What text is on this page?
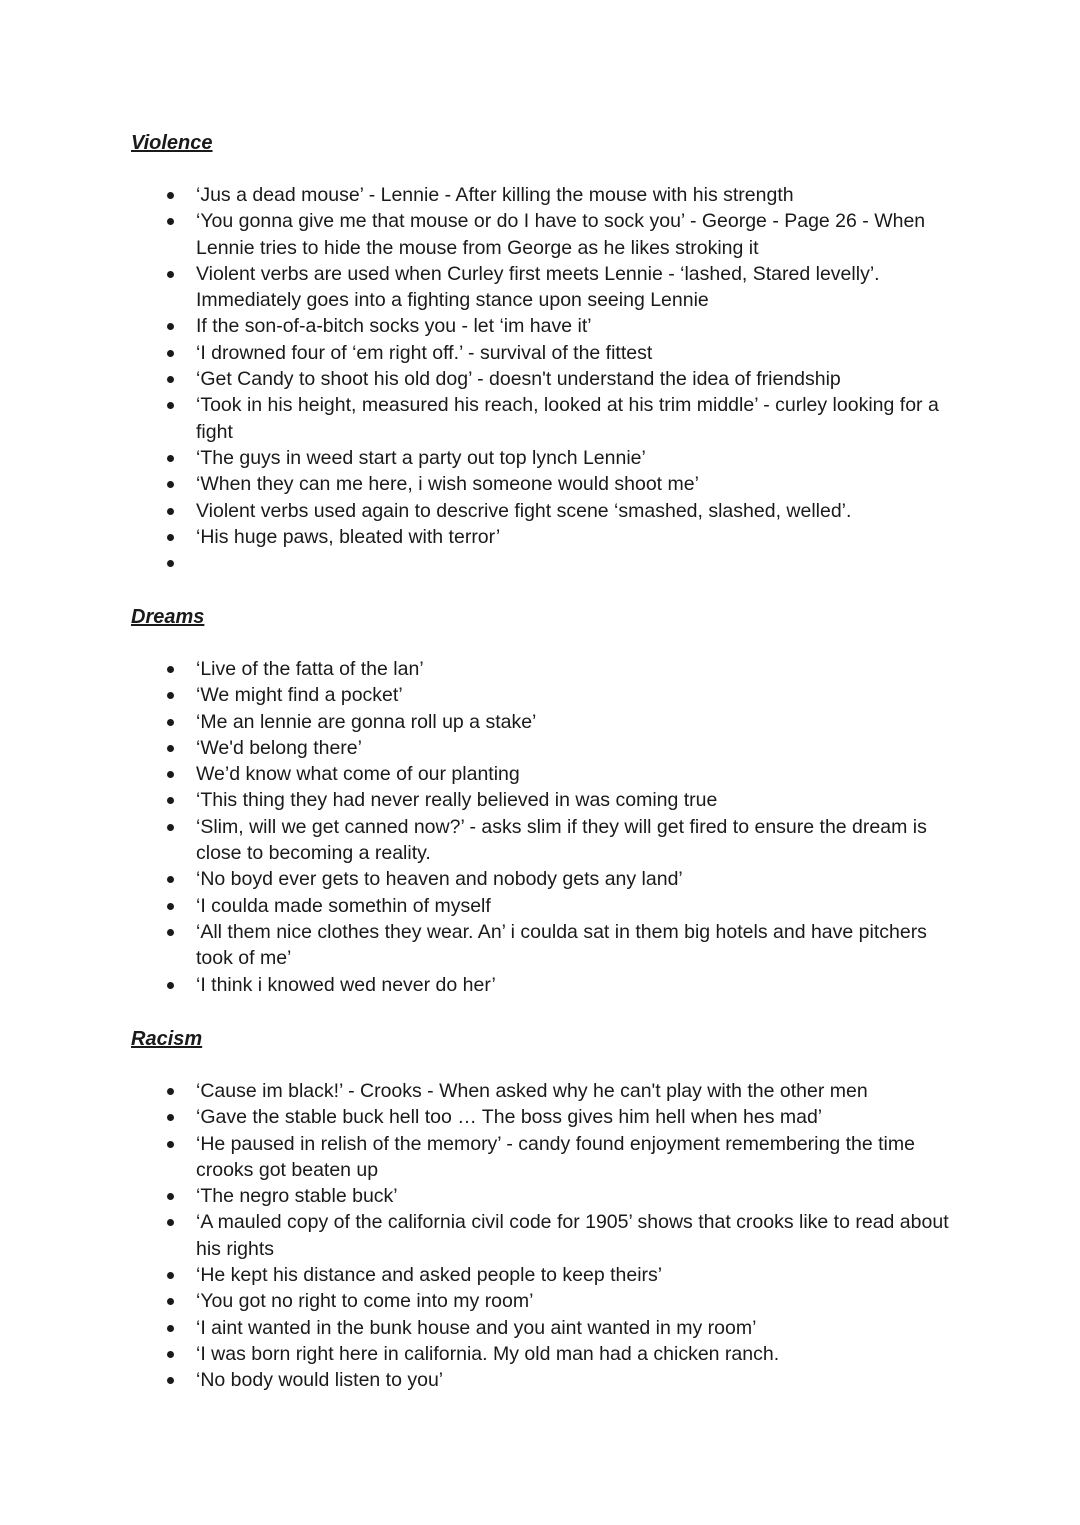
Violence
‘Jus a dead mouse’ - Lennie - After killing the mouse with his strength
‘You gonna give me that mouse or do I have to sock you’ - George - Page 26 - When Lennie tries to hide the mouse from George as he likes stroking it
Violent verbs are used when Curley first meets Lennie - ‘lashed, Stared levelly’. Immediately goes into a fighting stance upon seeing Lennie
If the son-of-a-bitch socks you - let ‘im have it’
‘I drowned four of ‘em right off.’ - survival of the fittest
‘Get Candy to shoot his old dog’ - doesn't understand the idea of friendship
‘Took in his height, measured his reach, looked at his trim middle’ - curley looking for a fight
‘The guys in weed start a party out top lynch Lennie’
‘When they can me here, i wish someone would shoot me’
Violent verbs used again to descrive fight scene ‘smashed, slashed, welled’.
‘His huge paws, bleated with terror’
Dreams
‘Live of the fatta of the lan’
‘We might find a pocket’
‘Me an lennie are gonna roll up a stake’
‘We'd belong there’
We’d know what come of our planting
‘This thing they had never really believed in was coming true
‘Slim, will we get canned now?’ - asks slim if they will get fired to ensure the dream is close to becoming a reality.
‘No boyd ever gets to heaven and nobody gets any land’
‘I coulda made somethin of myself
‘All them nice clothes they wear. An’ i coulda sat in them big hotels and have pitchers took of me’
‘I think i knowed wed never do her’
Racism
‘Cause im black!’ - Crooks - When asked why he can't play with the other men
‘Gave the stable buck hell too … The boss gives him hell when hes mad’
‘He paused in relish of the memory’ - candy found enjoyment remembering the time crooks got beaten up
‘The negro stable buck’
‘A mauled copy of the california civil code for 1905’ shows that crooks like to read about his rights
‘He kept his distance and asked people to keep theirs’
‘You got no right to come into my room’
‘I aint wanted in the bunk house and you aint wanted in my room’
‘I was born right here in california. My old man had a chicken ranch.
‘No body would listen to you’
